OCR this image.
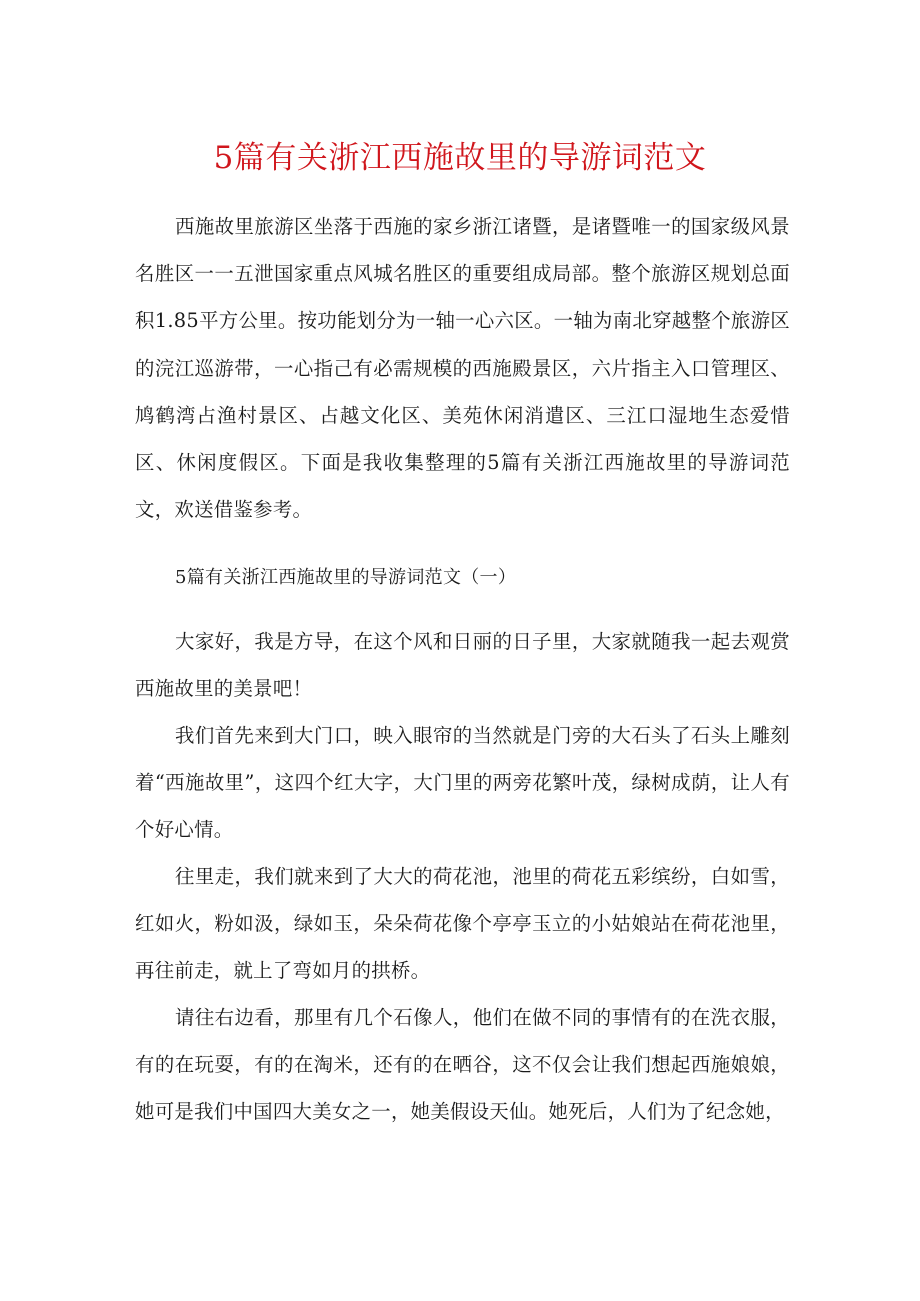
5篇有关浙江西施故里的导游词范文

西施故里旅游区坐落于西施的家乡浙江诸暨，是诸暨唯一的国家级风景名胜区一一五泄国家重点风城名胜区的重要组成局部。整个旅游区规划总面积1.85平方公里。按功能划分为一轴一心六区。一轴为南北穿越整个旅游区的浣江巡游带，一心指己有必需规模的西施殿景区，六片指主入口管理区、鸠鹤湾占渔村景区、占越文化区、美苑休闲消遣区、三江口湿地生态爱惜区、休闲度假区。下面是我收集整理的5篇有关浙江西施故里的导游词范文，欢送借鉴参考。

5篇有关浙江西施故里的导游词范文（一）

大家好，我是方导，在这个风和日丽的日子里，大家就随我一起去观赏西施故里的美景吧！

我们首先来到大门口，映入眼帘的当然就是门旁的大石头了石头上雕刻着“西施故里”，这四个红大字，大门里的两旁花繁叶茂，绿树成荫，让人有个好心情。

往里走，我们就来到了大大的荷花池，池里的荷花五彩缤纷，白如雪，红如火，粉如汲，绿如玉，朵朵荷花像个亭亭玉立的小姑娘站在荷花池里，再往前走，就上了弯如月的拱桥。

请往右边看，那里有几个石像人，他们在做不同的事情有的在洗衣服，有的在玩耍，有的在淘米，还有的在晒谷，这不仅会让我们想起西施娘娘，她可是我们中国四大美女之一，她美假设天仙。她死后，人们为了纪念她，
